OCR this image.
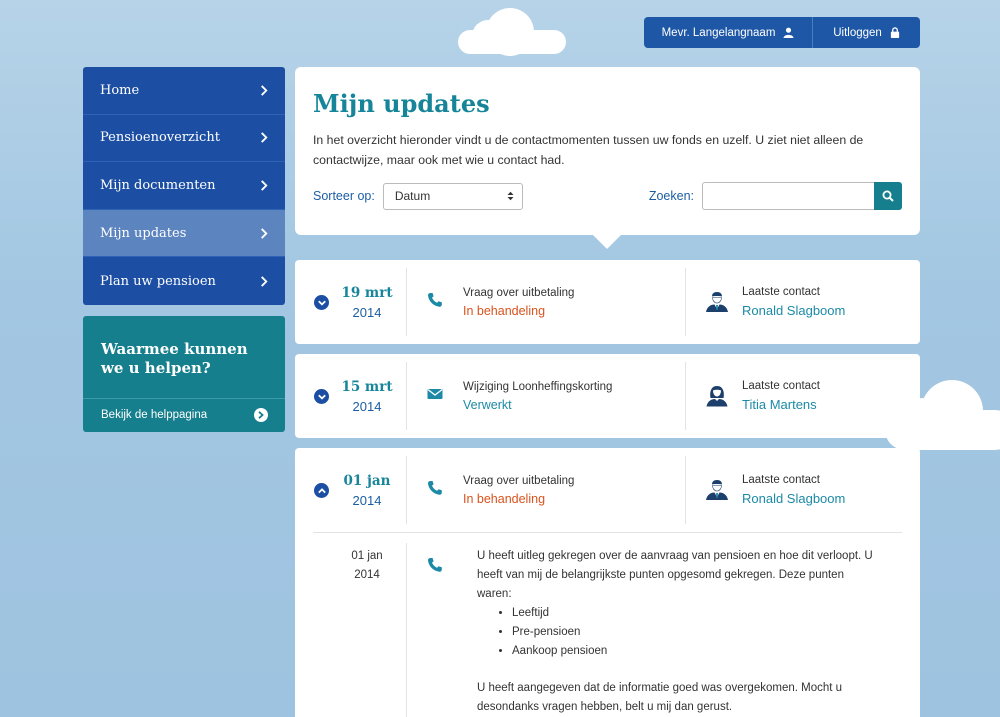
Mevr. Langelangnaam	Uitloggen
Home
Pensioenoverzicht
Mijn documenten
Mijn updates
Plan uw pensioen
Waarmee kunnen we u helpen?
Bekijk de helppagina
Mijn updates

In het overzicht hieronder vindt u de contactmomenten tussen uw fonds en uzelf. U ziet niet alleen de contactwijze, maar ook met wie u contact had.

Sorteer op: Datum	Zoeken:
19 mrt
2014
Vraag over uitbetaling
In behandeling
Laatste contact
Ronald Slagboom
15 mrt
2014
Wijziging Loonheffingskorting
Verwerkt
Laatste contact
Titia Martens
01 jan
2014
Vraag over uitbetaling
In behandeling
Laatste contact
Ronald Slagboom
01 jan
2014

U heeft uitleg gekregen over de aanvraag van pensioen en hoe dit verloopt. U heeft van mij de belangrijkste punten opgesomd gekregen. Deze punten waren:

• Leeftijd
• Pre-pensioen
• Aankoop pensioen

U heeft aangegeven dat de informatie goed was overgekomen. Mocht u desondanks vragen hebben, belt u mij dan gerust.
